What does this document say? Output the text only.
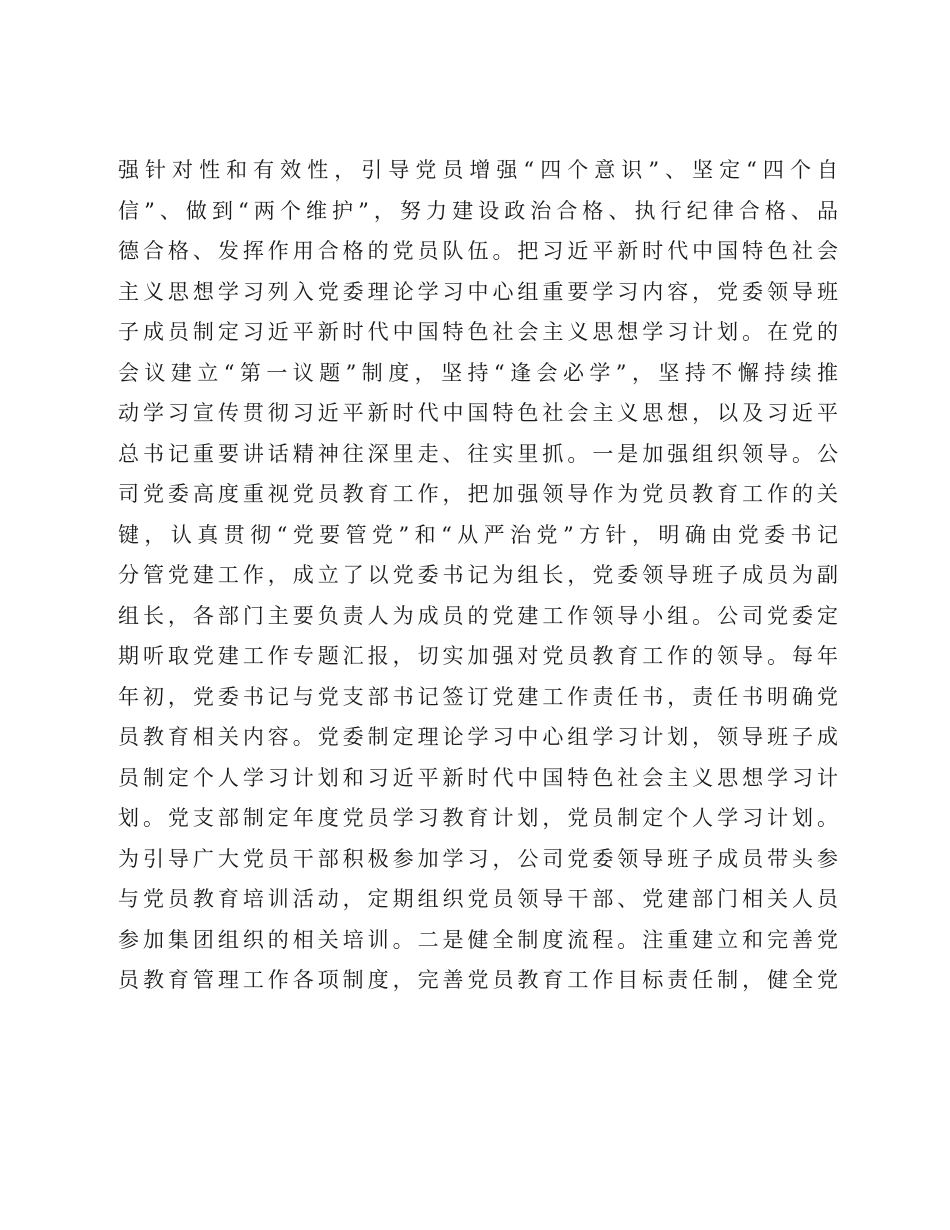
强针对性和有效性，引导党员增强“四个意识”、坚定“四个自
信”、做到“两个维护”，努力建设政治合格、执行纪律合格、品
德合格、发挥作用合格的党员队伍。把习近平新时代中国特色社会
主义思想学习列入党委理论学习中心组重要学习内容，党委领导班
子成员制定习近平新时代中国特色社会主义思想学习计划。在党的
会议建立“第一议题”制度，坚持“逢会必学”，坚持不懈持续推
动学习宣传贯彻习近平新时代中国特色社会主义思想，以及习近平
总书记重要讲话精神往深里走、往实里抓。一是加强组织领导。公
司党委高度重视党员教育工作，把加强领导作为党员教育工作的关
键，认真贯彻“党要管党”和“从严治党”方针，明确由党委书记
分管党建工作，成立了以党委书记为组长，党委领导班子成员为副
组长，各部门主要负责人为成员的党建工作领导小组。公司党委定
期听取党建工作专题汇报，切实加强对党员教育工作的领导。每年
年初，党委书记与党支部书记签订党建工作责任书，责任书明确党
员教育相关内容。党委制定理论学习中心组学习计划，领导班子成
员制定个人学习计划和习近平新时代中国特色社会主义思想学习计
划。党支部制定年度党员学习教育计划，党员制定个人学习计划。
为引导广大党员干部积极参加学习，公司党委领导班子成员带头参
与党员教育培训活动，定期组织党员领导干部、党建部门相关人员
参加集团组织的相关培训。二是健全制度流程。注重建立和完善党
员教育管理工作各项制度，完善党员教育工作目标责任制，健全党
